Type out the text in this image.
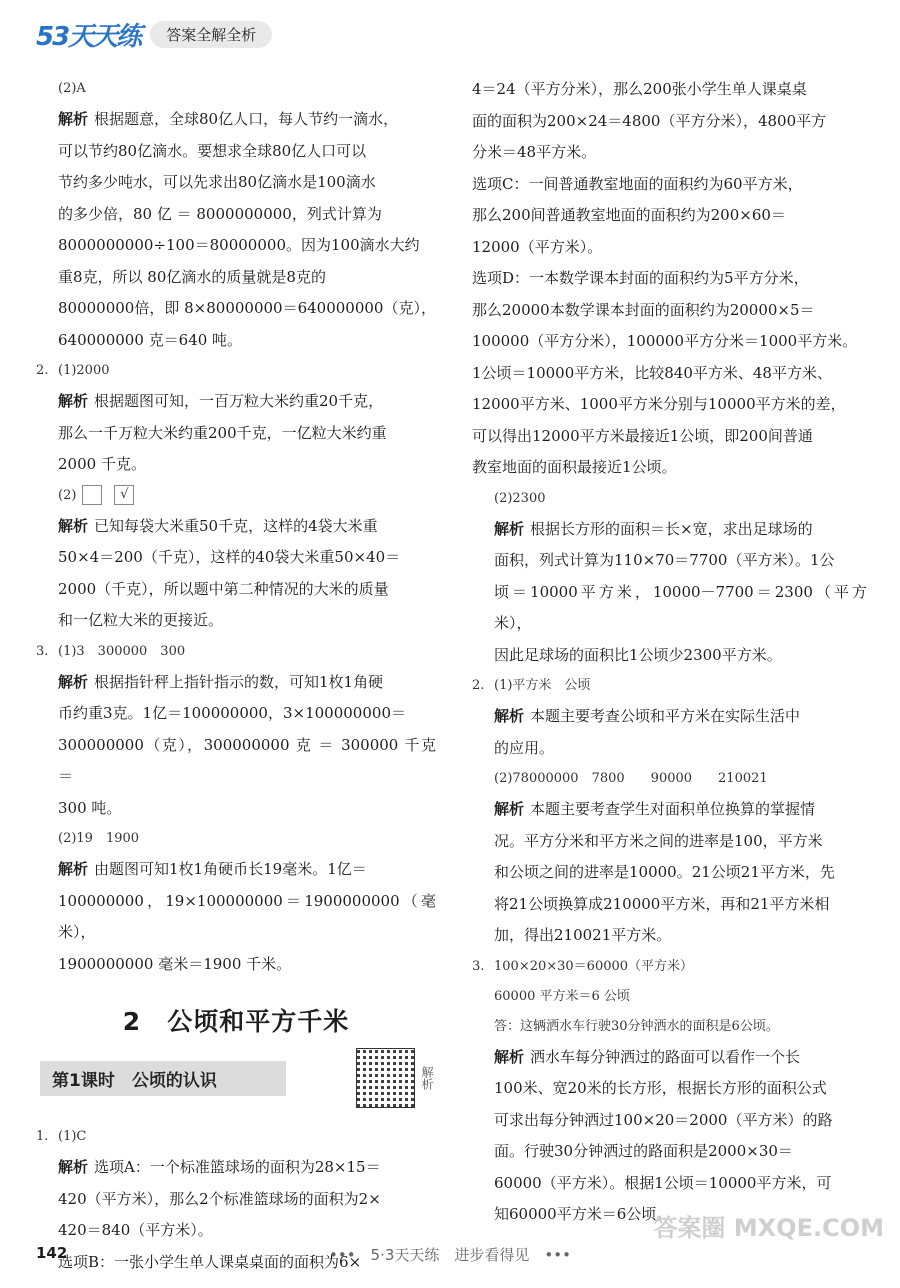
53天天练	答案全解全析

(2)A

解析 根据题意，全球80亿人口，每人节约一滴水，

可以节约80亿滴水。要想求全球80亿人口可以

节约多少吨水，可以先求出80亿滴水是100滴水

的多少倍，80 亿 ＝ 8000000000，列式计算为

8000000000÷100＝80000000。因为100滴水大约

重8克，所以 80亿滴水的质量就是8克的

80000000倍，即 8×80000000＝640000000（克），

640000000 克＝640 吨。

2. (1)2000

解析 根据题图可知，一百万粒大米约重20千克，

那么一千万粒大米约重200千克，一亿粒大米约重

2000 千克。

(2)	√

解析 已知每袋大米重50千克，这样的4袋大米重

50×4＝200（千克），这样的40袋大米重50×40＝

2000（千克），所以题中第二种情况的大米的质量

和一亿粒大米的更接近。

3. (1)3　300000　300

解析 根据指针秤上指针指示的数，可知1枚1角硬

币约重3克。1亿＝100000000，3×100000000＝

300000000（克），300000000 克 ＝ 300000 千克 ＝

300 吨。

(2)19　1900

解析 由题图可知1枚1角硬币长19毫米。1亿＝

100000000，19×100000000＝1900000000（毫米），

1900000000 毫米＝1900 千米。

2　公顷和平方千米
第1课时　公顷的认识	解析

1. (1)C

解析 选项A：一个标准篮球场的面积为28×15＝

420（平方米），那么2个标准篮球场的面积为2×

420＝840（平方米）。

选项B：一张小学生单人课桌桌面的面积为6×

4＝24（平方分米），那么200张小学生单人课桌桌

面的面积为200×24＝4800（平方分米），4800平方

分米＝48平方米。

选项C：一间普通教室地面的面积约为60平方米，

那么200间普通教室地面的面积约为200×60＝

12000（平方米）。

选项D：一本数学课本封面的面积约为5平方分米，

那么20000本数学课本封面的面积约为20000×5＝

100000（平方分米），100000平方分米＝1000平方米。

1公顷＝10000平方米，比较840平方米、48平方米、

12000平方米、1000平方米分别与10000平方米的差，

可以得出12000平方米最接近1公顷，即200间普通

教室地面的面积最接近1公顷。

(2)2300

解析 根据长方形的面积＝长×宽，求出足球场的

面积，列式计算为110×70＝7700（平方米）。1公

顷＝10000平方米，10000－7700＝2300（平方米），

因此足球场的面积比1公顷少2300平方米。

2. (1)平方米　公顷

解析 本题主要考查公顷和平方米在实际生活中

的应用。

(2)78000000　7800　　90000　　210021

解析 本题主要考查学生对面积单位换算的掌握情

况。平方分米和平方米之间的进率是100，平方米

和公顷之间的进率是10000。21公顷21平方米，先

将21公顷换算成210000平方米，再和21平方米相

加，得出210021平方米。

3. 100×20×30＝60000（平方米）

60000 平方米＝6 公顷

答：这辆洒水车行驶30分钟洒水的面积是6公顷。

解析 洒水车每分钟洒过的路面可以看作一个长

100米、宽20米的长方形，根据长方形的面积公式

可求出每分钟洒过100×20＝2000（平方米）的路

面。行驶30分钟洒过的路面积是2000×30＝

60000（平方米）。根据1公顷＝10000平方米，可

知60000平方米＝6公顷。

142	•••　5·3天天练　进步看得见　•••
答案圈 MXQE.COM
